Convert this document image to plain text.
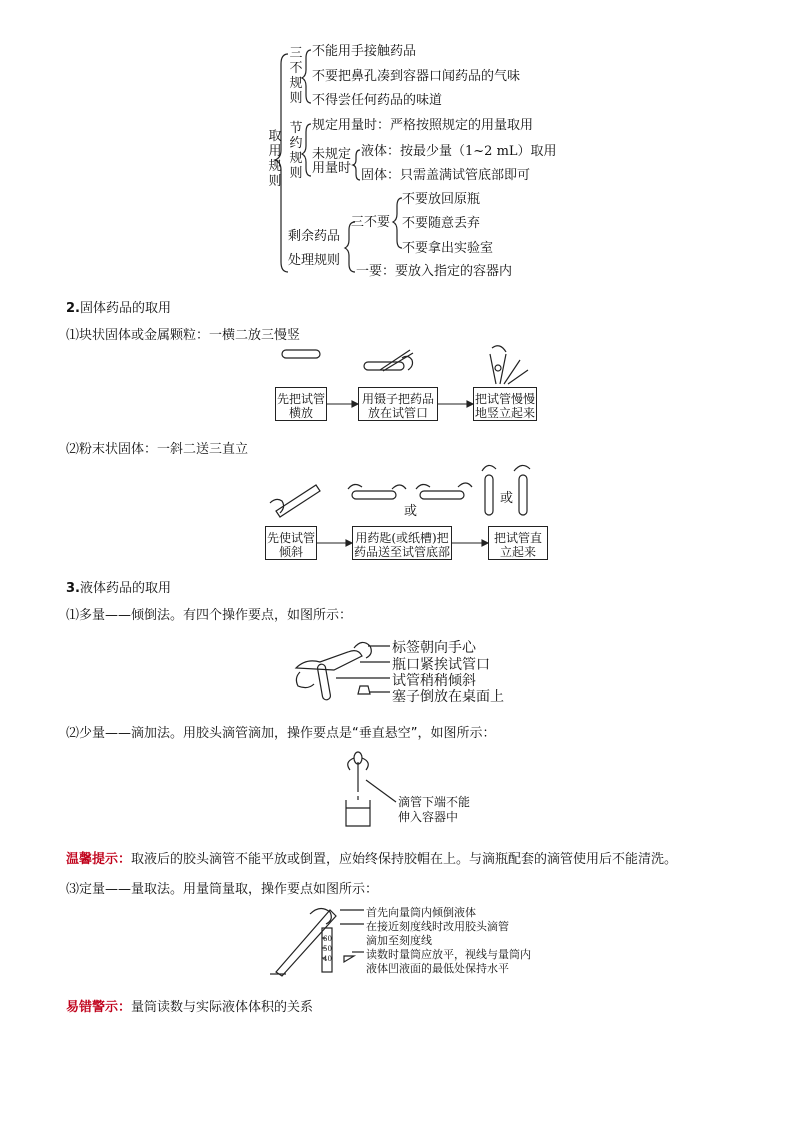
取用规则
三不规则
不能用手接触药品
不要把鼻孔凑到容器口闻药品的气味
不得尝任何药品的味道
节约规则
规定用量时：严格按照规定的用量取用
未规定用量时
液体：按最少量（1~2 mL）取用
固体：只需盖满试管底部即可
剩余药品
处理规则
三不要
不要放回原瓶
不要随意丢弃
不要拿出实验室
一要：要放入指定的容器内
2.固体药品的取用
⑴块状固体或金属颗粒：一横二放三慢竖
先把试管横放
用镊子把药品放在试管口
把试管慢慢地竖立起来
⑵粉末状固体：一斜二送三直立
或
或
先使试管倾斜
用药匙(或纸槽)把药品送至试管底部
把试管直立起来
3.液体药品的取用
⑴多量——倾倒法。有四个操作要点，如图所示：
标签朝向手心
瓶口紧挨试管口
试管稍稍倾斜
塞子倒放在桌面上
⑵少量——滴加法。用胶头滴管滴加，操作要点是“垂直悬空”，如图所示：
滴管下端不能
伸入容器中
温馨提示：取液后的胶头滴管不能平放或倒置，应始终保持胶帽在上。与滴瓶配套的滴管使用后不能清洗。
⑶定量——量取法。用量筒量取，操作要点如图所示：
60
50
40
首先向量筒内倾倒液体
在接近刻度线时改用胶头滴管
滴加至刻度线
读数时量筒应放平，视线与量筒内
液体凹液面的最低处保持水平
易错警示：量筒读数与实际液体体积的关系
